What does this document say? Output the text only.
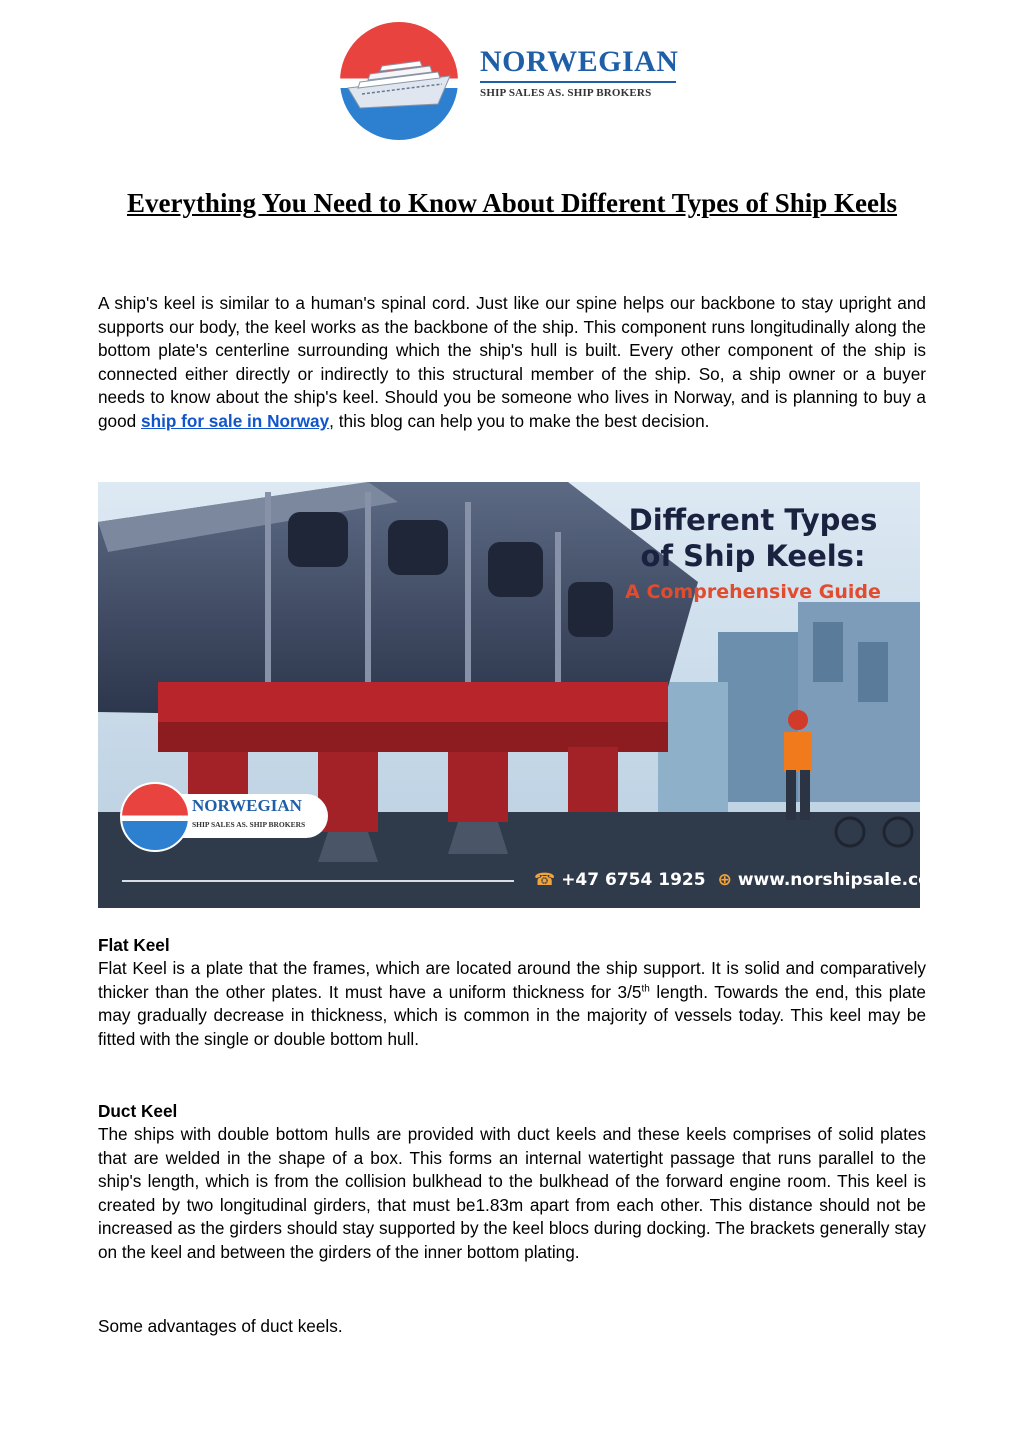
NORWEGIAN
SHIP SALES AS. SHIP BROKERS
Everything You Need to Know About Different Types of Ship Keels

A ship's keel is similar to a human's spinal cord. Just like our spine helps our backbone to stay upright and supports our body, the keel works as the backbone of the ship. This component runs longitudinally along the bottom plate's centerline surrounding which the ship's hull is built. Every other component of the ship is connected either directly or indirectly to this structural member of the ship. So, a ship owner or a buyer needs to know about the ship's keel. Should you be someone who lives in Norway, and is planning to buy a good ship for sale in Norway, this blog can help you to make the best decision.

Different Types
of Ship Keels:
A Comprehensive Guide
NORWEGIAN
SHIP SALES AS. SHIP BROKERS
☎ +47 6754 1925 ⊕ www.norshipsale.com

Flat Keel

Flat Keel is a plate that the frames, which are located around the ship support. It is solid and comparatively thicker than the other plates. It must have a uniform thickness for 3/5th length. Towards the end, this plate may gradually decrease in thickness, which is common in the majority of vessels today. This keel may be fitted with the single or double bottom hull.

Duct Keel

The ships with double bottom hulls are provided with duct keels and these keels comprises of solid plates that are welded in the shape of a box. This forms an internal watertight passage that runs parallel to the ship's length, which is from the collision bulkhead to the bulkhead of the forward engine room. This keel is created by two longitudinal girders, that must be1.83m apart from each other. This distance should not be increased as the girders should stay supported by the keel blocs during docking. The brackets generally stay on the keel and between the girders of the inner bottom plating.

Some advantages of duct keels.
